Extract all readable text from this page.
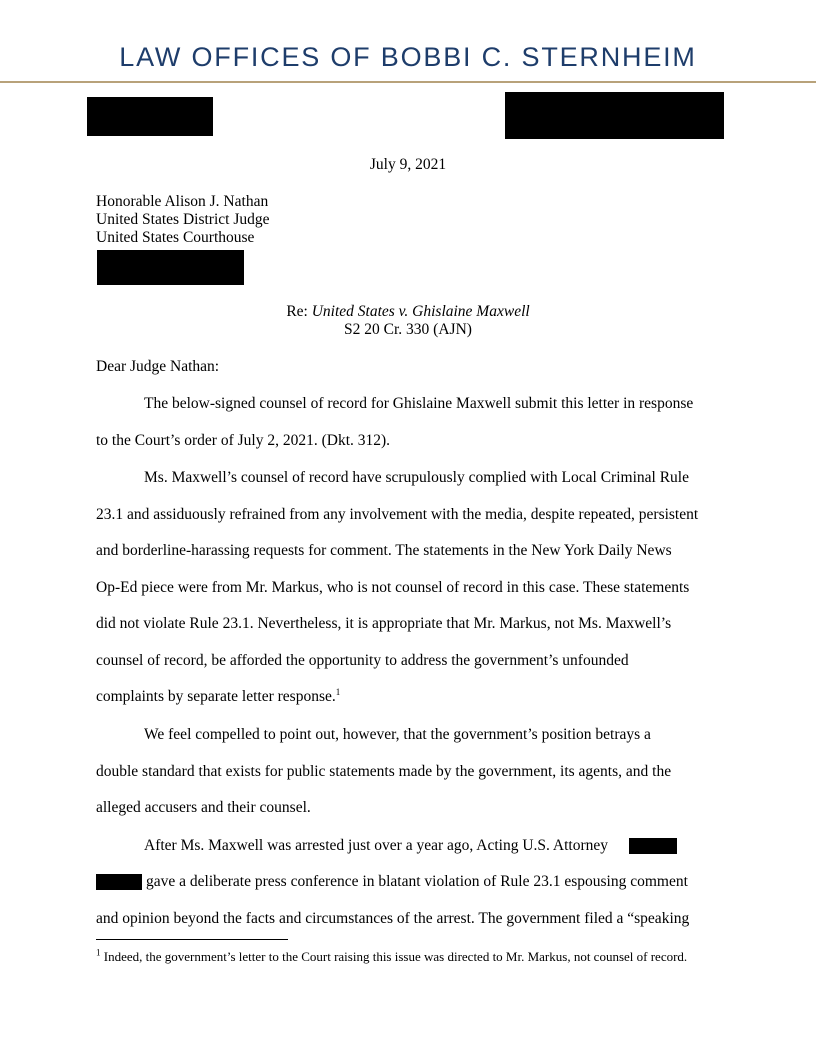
LAW OFFICES OF BOBBI C. STERNHEIM
July 9, 2021
Honorable Alison J. Nathan
United States District Judge
United States Courthouse
Re: United States v. Ghislaine Maxwell
S2 20 Cr. 330 (AJN)
Dear Judge Nathan:
The below-signed counsel of record for Ghislaine Maxwell submit this letter in response
to the Court’s order of July 2, 2021. (Dkt. 312).
Ms. Maxwell’s counsel of record have scrupulously complied with Local Criminal Rule
23.1 and assiduously refrained from any involvement with the media, despite repeated, persistent
and borderline-harassing requests for comment. The statements in the New York Daily News
Op-Ed piece were from Mr. Markus, who is not counsel of record in this case. These statements
did not violate Rule 23.1. Nevertheless, it is appropriate that Mr. Markus, not Ms. Maxwell’s
counsel of record, be afforded the opportunity to address the government’s unfounded
complaints by separate letter response.$^1$
We feel compelled to point out, however, that the government’s position betrays a
double standard that exists for public statements made by the government, its agents, and the
alleged accusers and their counsel.
After Ms. Maxwell was arrested just over a year ago, Acting U.S. Attorney
gave a deliberate press conference in blatant violation of Rule 23.1 espousing comment
and opinion beyond the facts and circumstances of the arrest. The government filed a “speaking
$^1$ Indeed, the government’s letter to the Court raising this issue was directed to Mr. Markus, not counsel of record.
